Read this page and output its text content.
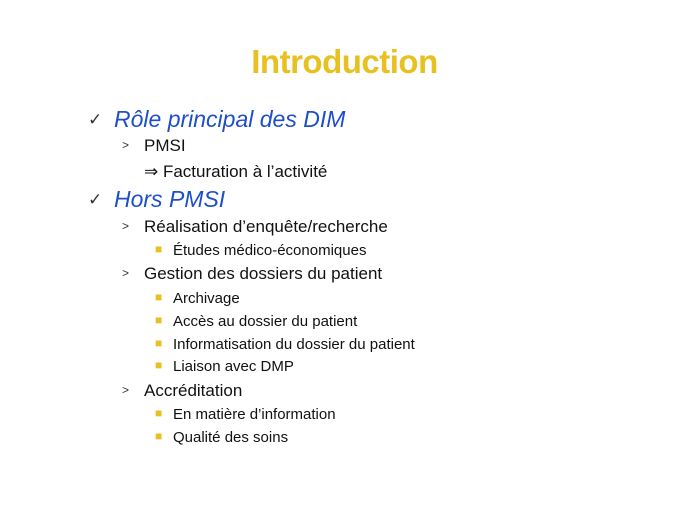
Introduction
✓ Rôle principal des DIM
> PMSI
⇒ Facturation à l’activité
✓ Hors PMSI
> Réalisation d’enquête/recherche
■ Études médico-économiques
> Gestion des dossiers du patient
■ Archivage
■ Accès au dossier du patient
■ Informatisation du dossier du patient
■ Liaison avec DMP
> Accréditation
■ En matière d’information
■ Qualité des soins
